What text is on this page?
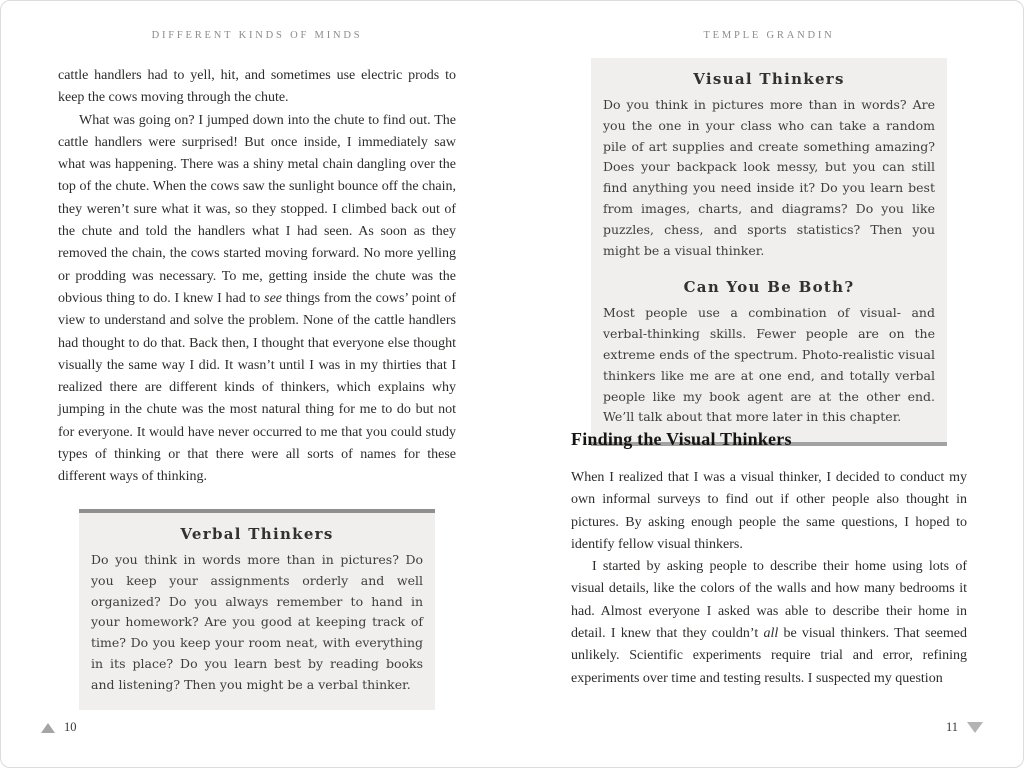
DIFFERENT KINDS OF MINDS

cattle handlers had to yell, hit, and sometimes use electric prods to keep the cows moving through the chute.

What was going on? I jumped down into the chute to find out. The cattle handlers were surprised! But once inside, I immediately saw what was happening. There was a shiny metal chain dangling over the top of the chute. When the cows saw the sunlight bounce off the chain, they weren’t sure what it was, so they stopped. I climbed back out of the chute and told the handlers what I had seen. As soon as they removed the chain, the cows started moving forward. No more yelling or prodding was necessary. To me, getting inside the chute was the obvious thing to do. I knew I had to see things from the cows’ point of view to understand and solve the problem. None of the cattle handlers had thought to do that. Back then, I thought that everyone else thought visually the same way I did. It wasn’t until I was in my thirties that I realized there are different kinds of thinkers, which explains why jumping in the chute was the most natural thing for me to do but not for everyone. It would have never occurred to me that you could study types of thinking or that there were all sorts of names for these different ways of thinking.

Verbal Thinkers
Do you think in words more than in pictures? Do you keep your assignments orderly and well organized? Do you always remember to hand in your homework? Are you good at keeping track of time? Do you keep your room neat, with everything in its place? Do you learn best by reading books and listening? Then you might be a verbal thinker.
10
TEMPLE GRANDIN
Visual Thinkers
Do you think in pictures more than in words? Are you the one in your class who can take a random pile of art supplies and create something amazing? Does your backpack look messy, but you can still find anything you need inside it? Do you learn best from images, charts, and diagrams? Do you like puzzles, chess, and sports statistics? Then you might be a visual thinker.
Can You Be Both?
Most people use a combination of visual- and verbal-thinking skills. Fewer people are on the extreme ends of the spectrum. Photo-realistic visual thinkers like me are at one end, and totally verbal people like my book agent are at the other end. We’ll talk about that more later in this chapter.
Finding the Visual Thinkers

When I realized that I was a visual thinker, I decided to conduct my own informal surveys to find out if other people also thought in pictures. By asking enough people the same questions, I hoped to identify fellow visual thinkers.

I started by asking people to describe their home using lots of visual details, like the colors of the walls and how many bedrooms it had. Almost everyone I asked was able to describe their home in detail. I knew that they couldn’t all be visual thinkers. That seemed unlikely. Scientific experiments require trial and error, refining experiments over time and testing results. I suspected my question

11
